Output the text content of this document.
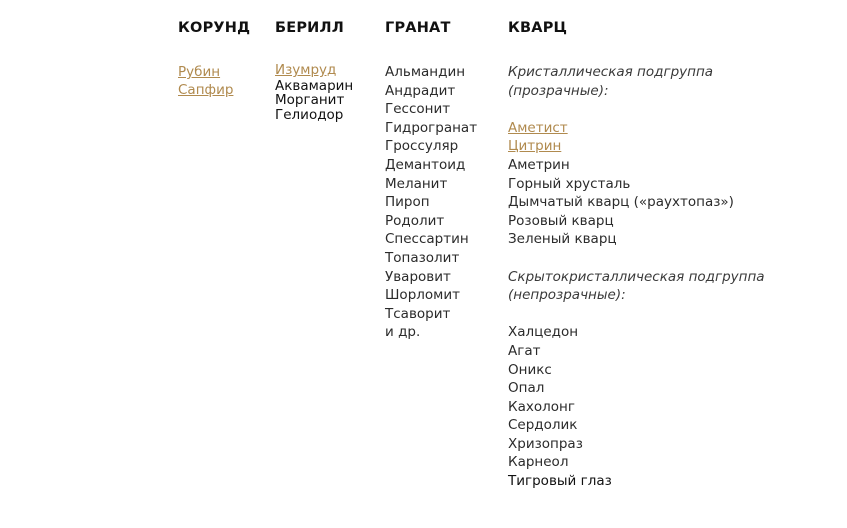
КОРУНД
Рубин
Сапфир
БЕРИЛЛ
Изумруд
Аквамарин
Морганит
Гелиодор
ГРАНАТ
Альмандин
Андрадит
Гессонит
Гидрогранат
Гроссуляр
Демантоид
Меланит
Пироп
Родолит
Спессартин
Топазолит
Уваровит
Шорломит
Тсаворит
и др.
КВАРЦ
Кристаллическая подгруппа
(прозрачные):
Аметист
Цитрин
Аметрин
Горный хрусталь
Дымчатый кварц («раухтопаз»)
Розовый кварц
Зеленый кварц
Скрытокристаллическая подгруппа
(непрозрачные):
Халцедон
Агат
Оникс
Опал
Кахолонг
Сердолик
Хризопраз
Карнеол
Тигровый глаз
